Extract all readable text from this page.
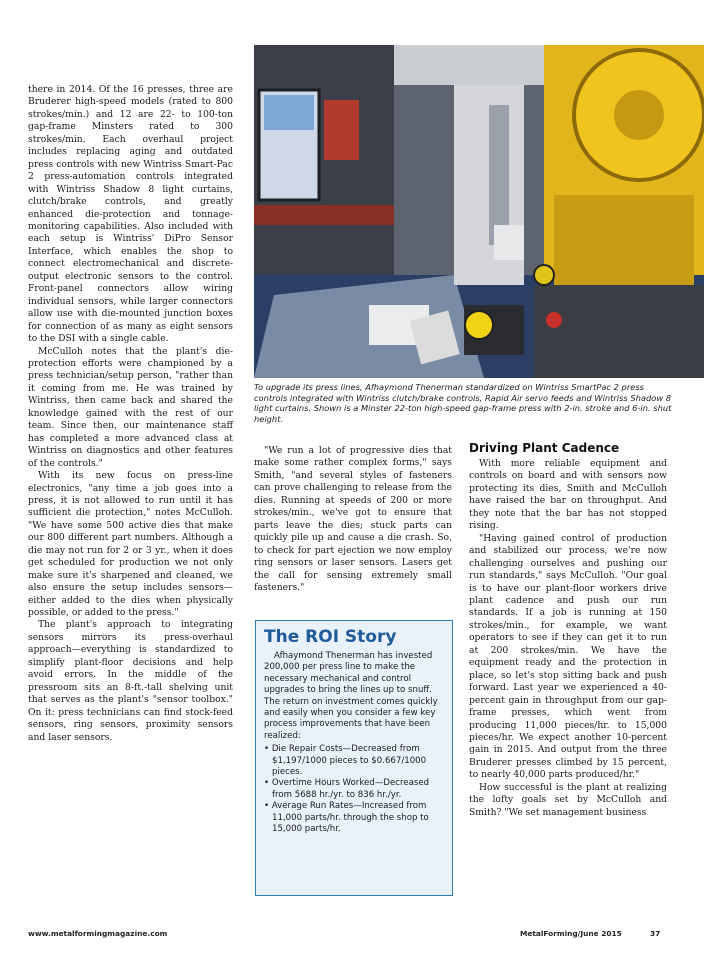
there in 2014. Of the 16 presses, three are Bruderer high-speed models (rated to 800 strokes/min.) and 12 are 22- to 100-ton gap-frame Minsters rated to 300 strokes/min. Each overhaul project includes replacing aging and outdated press controls with new Wintriss Smart-Pac 2 press-automation controls integrated with Wintriss Shadow 8 light curtains, clutch/brake controls, and greatly enhanced die-protection and tonnage-monitoring capabilities. Also included with each setup is Wintriss' DiPro Sensor Interface, which enables the shop to connect electromechanical and discrete-output electronic sensors to the control. Front-panel connectors allow wiring individual sensors, while larger connectors allow use with die-mounted junction boxes for connection of as many as eight sensors to the DSI with a single cable.

McCulloh notes that the plant's die-protection efforts were championed by a press technician/setup person, "rather than it coming from me. He was trained by Wintriss, then came back and shared the knowledge gained with the rest of our team. Since then, our maintenance staff has completed a more advanced class at Wintriss on diagnostics and other features of the controls."

With its new focus on press-line electronics, "any time a job goes into a press, it is not allowed to run until it has sufficient die protection," notes McCulloh. "We have some 500 active dies that make our 800 different part numbers. Although a die may not run for 2 or 3 yr., when it does get scheduled for production we not only make sure it's sharpened and cleaned, we also ensure the setup includes sensors—either added to the dies when physically possible, or added to the press."

The plant's approach to integrating sensors mirrors its press-overhaul approach—everything is standardized to simplify plant-floor decisions and help avoid errors. In the middle of the pressroom sits an 8-ft.-tall shelving unit that serves as the plant's "sensor toolbox." On it: press technicians can find stock-feed sensors, ring sensors, proximity sensors and laser sensors.

To upgrade its press lines, Afhaymond Thenerman standardized on Wintriss SmartPac 2 press controls integrated with Wintriss clutch/brake controls, Rapid Air servo feeds and Wintriss Shadow 8 light curtains. Shown is a Minster 22-ton high-speed gap-frame press with 2-in. stroke and 6-in. shut height.

"We run a lot of progressive dies that make some rather complex forms," says Smith, "and several styles of fasteners can prove challenging to release from the dies. Running at speeds of 200 or more strokes/min., we've got to ensure that parts leave the dies; stuck parts can quickly pile up and cause a die crash. So, to check for part ejection we now employ ring sensors or laser sensors. Lasers get the call for sensing extremely small fasteners."

The ROI Story

Afhaymond Thenerman has invested 200,000 per press line to make the necessary mechanical and control upgrades to bring the lines up to snuff. The return on investment comes quickly and easily when you consider a few key process improvements that have been realized:

• Die Repair Costs—Decreased from $1,197/1000 pieces to $0.667/1000 pieces.
• Overtime Hours Worked—Decreased from 5688 hr./yr. to 836 hr./yr.
• Average Run Rates—Increased from 11,000 parts/hr. through the shop to 15,000 parts/hr.
Driving Plant Cadence

With more reliable equipment and controls on board and with sensors now protecting its dies, Smith and McCulloh have raised the bar on throughput. And they note that the bar has not stopped rising.

"Having gained control of production and stabilized our process, we're now challenging ourselves and pushing our run standards," says McCulloh. "Our goal is to have our plant-floor workers drive plant cadence and push our run standards. If a job is running at 150 strokes/min., for example, we want operators to see if they can get it to run at 200 strokes/min. We have the equipment ready and the protection in place, so let's stop sitting back and push forward. Last year we experienced a 40-percent gain in throughput from our gap-frame presses, which went from producing 11,000 pieces/hr. to 15,000 pieces/hr. We expect another 10-percent gain in 2015. And output from the three Bruderer presses climbed by 15 percent, to nearly 40,000 parts produced/hr."

How successful is the plant at realizing the lofty goals set by McCulloh and Smith? "We set management business

www.metalformingmagazine.com	MetalForming/June 2015	37
